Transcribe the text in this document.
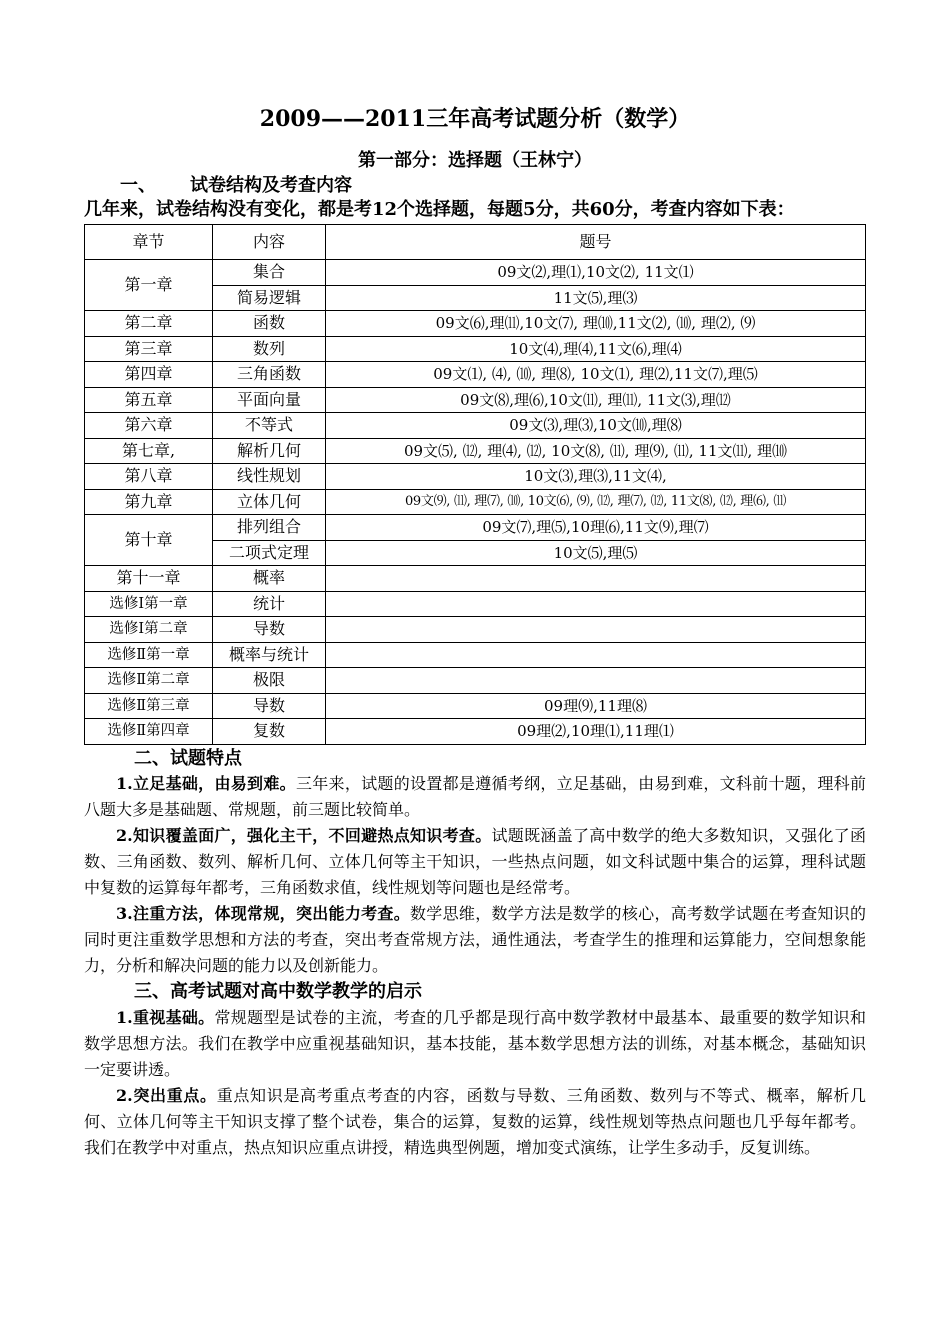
2009——2011三年高考试题分析（数学）
第一部分：选择题（王林宁）
一、 试卷结构及考查内容
几年来，试卷结构没有变化，都是考12个选择题，每题5分，共60分，考查内容如下表：
章节	内容	题号
第一章	集合	09文⑵,理⑴,10文⑵, 11文⑴
	简易逻辑	11文⑸,理⑶
第二章	函数	09文⑹,理⑾,10文⑺, 理⑽,11文⑵, ⑽, 理⑵, ⑼
第三章	数列	10文⑷,理⑷,11文⑹,理⑷
第四章	三角函数	09文⑴, ⑷, ⑽, 理⑻, 10文⑴, 理⑵,11文⑺,理⑸
第五章	平面向量	09文⑻,理⑹,10文⑾, 理⑾, 11文⑶,理⑿
第六章	不等式	09文⑶,理⑶,10文⑽,理⑻
第七章,	解析几何	09文⑸, ⑿, 理⑷, ⑿, 10文⑻, ⑾, 理⑼, ⑾, 11文⑾, 理⑽
第八章	线性规划	10文⑶,理⑶,11文⑷,
第九章	立体几何	09文⑼, ⑾, 理⑺, ⑽, 10文⑹, ⑼, ⑿, 理⑺, ⑿, 11文⑻, ⑿, 理⑹, ⑾
第十章	排列组合	09文⑺,理⑸,10理⑹,11文⑼,理⑺
	二项式定理	10文⑸,理⑸
第十一章	概率	
选修Ⅰ第一章	统计	
选修Ⅰ第二章	导数	
选修Ⅱ第一章	概率与统计	
选修Ⅱ第二章	极限	
选修Ⅱ第三章	导数	09理⑼,11理⑻
选修Ⅱ第四章	复数	09理⑵,10理⑴,11理⑴
二、试题特点

1.立足基础，由易到难。三年来，试题的设置都是遵循考纲，立足基础，由易到难，文科前十题，理科前八题大多是基础题、常规题，前三题比较简单。

2.知识覆盖面广，强化主干，不回避热点知识考查。试题既涵盖了高中数学的绝大多数知识，又强化了函数、三角函数、数列、解析几何、立体几何等主干知识，一些热点问题，如文科试题中集合的运算，理科试题中复数的运算每年都考，三角函数求值，线性规划等问题也是经常考。

3.注重方法，体现常规，突出能力考查。数学思维，数学方法是数学的核心，高考数学试题在考查知识的同时更注重数学思想和方法的考查，突出考查常规方法，通性通法，考查学生的推理和运算能力，空间想象能力，分析和解决问题的能力以及创新能力。

三、高考试题对高中数学教学的启示

1.重视基础。常规题型是试卷的主流，考查的几乎都是现行高中数学教材中最基本、最重要的数学知识和数学思想方法。我们在教学中应重视基础知识，基本技能，基本数学思想方法的训练，对基本概念，基础知识一定要讲透。

2.突出重点。重点知识是高考重点考查的内容，函数与导数、三角函数、数列与不等式、概率，解析几何、立体几何等主干知识支撑了整个试卷，集合的运算，复数的运算，线性规划等热点问题也几乎每年都考。我们在教学中对重点，热点知识应重点讲授，精选典型例题，增加变式演练，让学生多动手，反复训练。
